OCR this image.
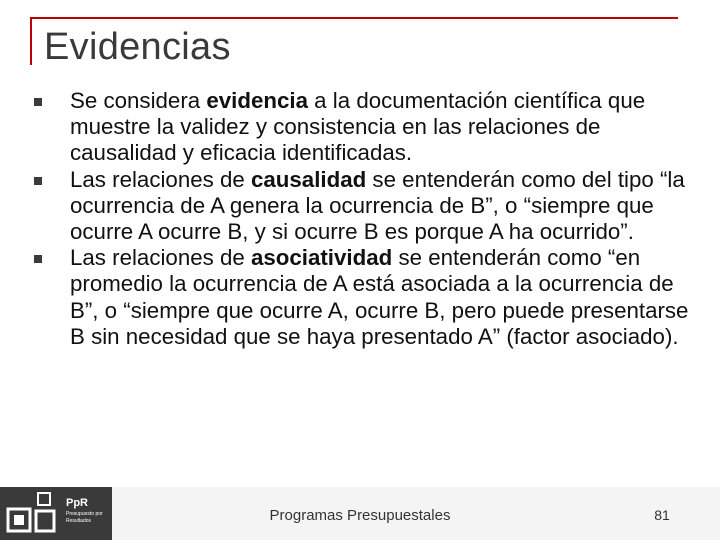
Evidencias
Se considera evidencia a la documentación científica que muestre la validez y consistencia en las relaciones de causalidad y eficacia identificadas.
Las relaciones de causalidad se entenderán como del tipo “la ocurrencia de A genera la ocurrencia de B”, o “siempre que ocurre A ocurre B, y si ocurre B es porque A ha ocurrido”.
Las relaciones de asociatividad se entenderán como “en promedio la ocurrencia de A está asociada a la ocurrencia de B”, o “siempre que ocurre A, ocurre B, pero puede presentarse B sin necesidad que se haya presentado A” (factor asociado).
PpR
Presupuesto por Resultados	Programas Presupuestales	81
